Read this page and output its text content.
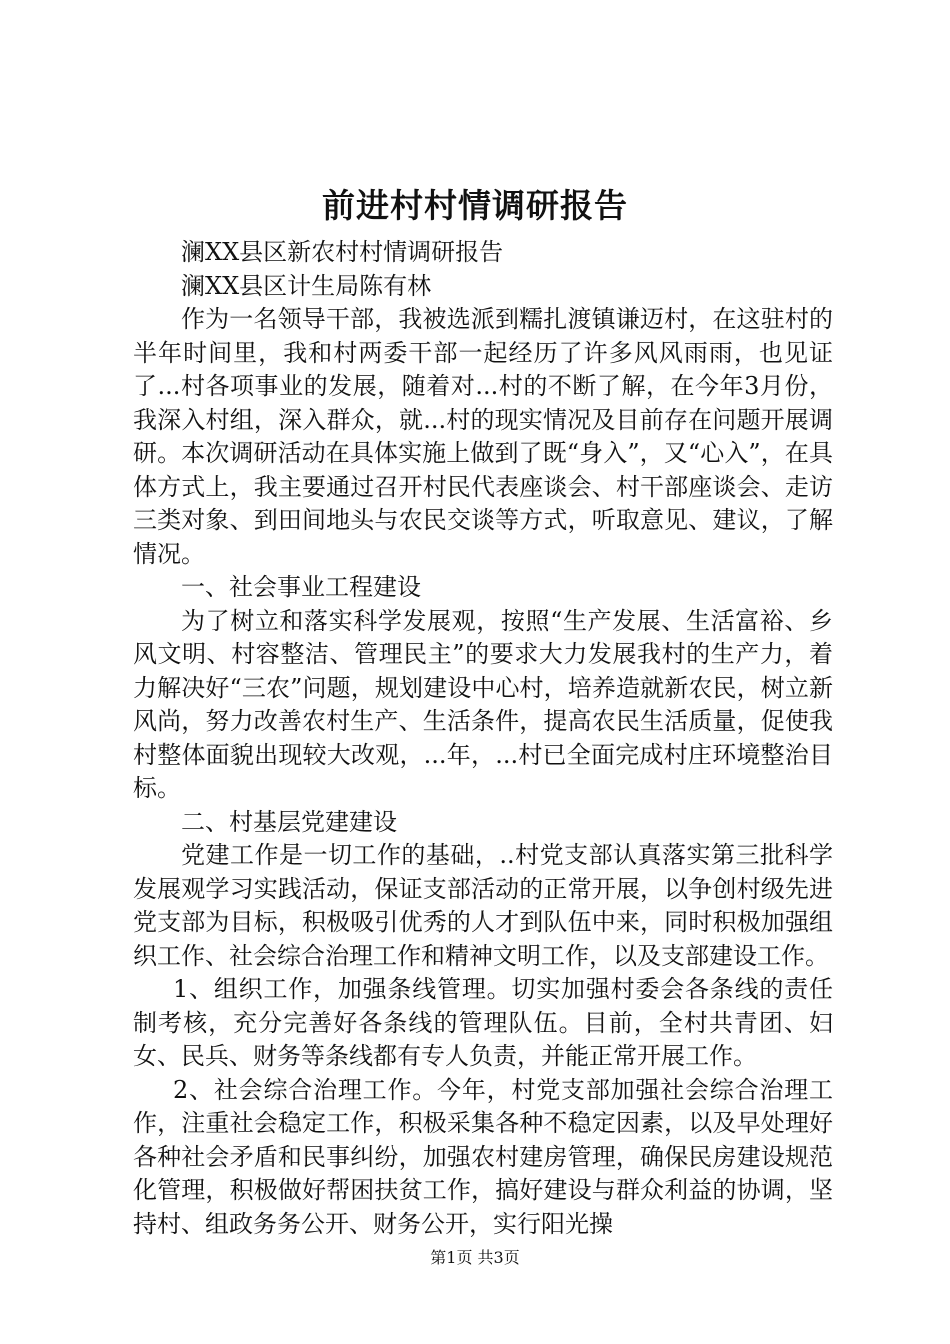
前进村村情调研报告

澜XX县区新农村村情调研报告

澜XX县区计生局陈有林

作为一名领导干部，我被选派到糯扎渡镇谦迈村，在这驻村的半年时间里，我和村两委干部一起经历了许多风风雨雨，也见证了...村各项事业的发展，随着对...村的不断了解，在今年3月份，我深入村组，深入群众，就...村的现实情况及目前存在问题开展调研。本次调研活动在具体实施上做到了既“身入”，又“心入”，在具体方式上，我主要通过召开村民代表座谈会、村干部座谈会、走访三类对象、到田间地头与农民交谈等方式，听取意见、建议，了解情况。

一、社会事业工程建设

为了树立和落实科学发展观，按照“生产发展、生活富裕、乡风文明、村容整洁、管理民主”的要求大力发展我村的生产力，着力解决好“三农”问题，规划建设中心村，培养造就新农民，树立新风尚，努力改善农村生产、生活条件，提高农民生活质量，促使我村整体面貌出现较大改观，...年，...村已全面完成村庄环境整治目标。

二、村基层党建建设

党建工作是一切工作的基础，..村党支部认真落实第三批科学发展观学习实践活动，保证支部活动的正常开展，以争创村级先进党支部为目标，积极吸引优秀的人才到队伍中来，同时积极加强组织工作、社会综合治理工作和精神文明工作，以及支部建设工作。

1、组织工作，加强条线管理。切实加强村委会各条线的责任制考核，充分完善好各条线的管理队伍。目前，全村共青团、妇女、民兵、财务等条线都有专人负责，并能正常开展工作。

2、社会综合治理工作。今年，村党支部加强社会综合治理工作，注重社会稳定工作，积极采集各种不稳定因素，以及早处理好各种社会矛盾和民事纠纷，加强农村建房管理，确保民房建设规范化管理，积极做好帮困扶贫工作，搞好建设与群众利益的协调，坚持村、组政务务公开、财务公开，实行阳光操

第1页 共3页
